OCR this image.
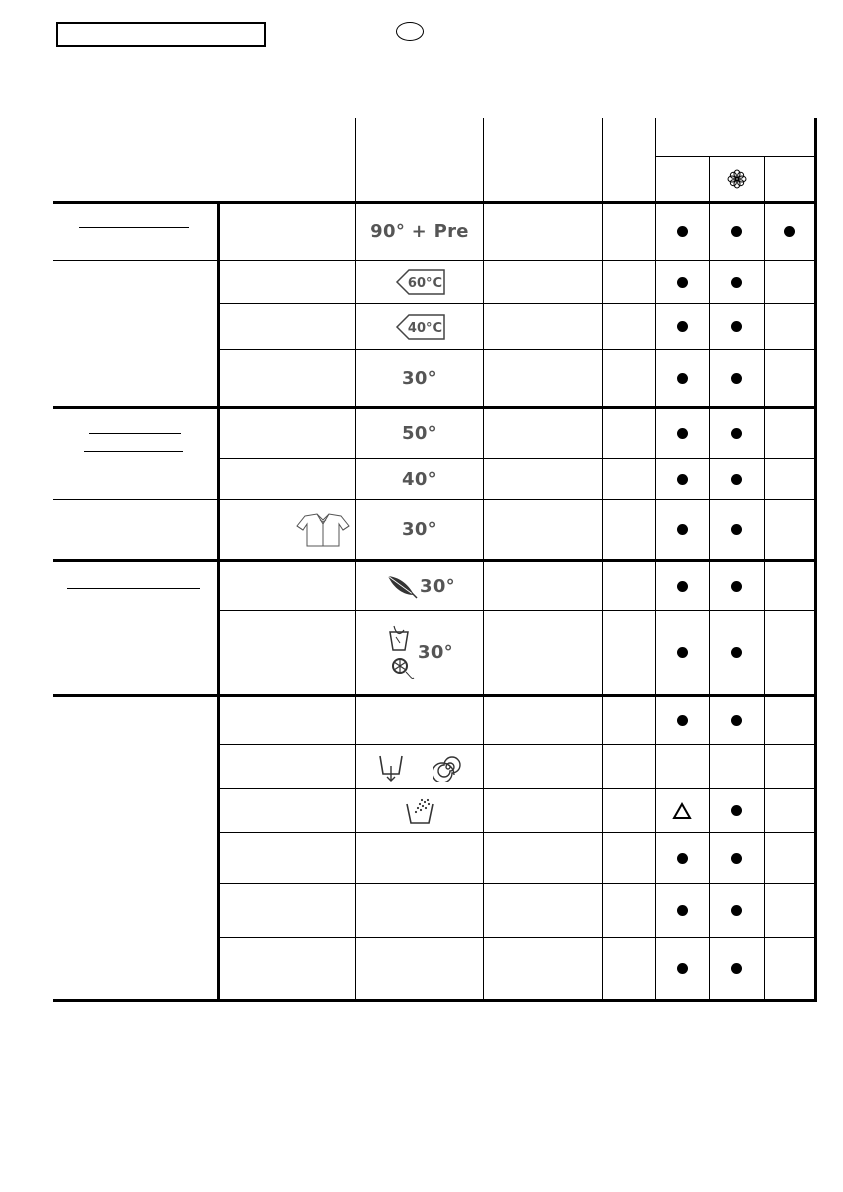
90° + Pre
60°C
40°C
30°
50°
40°
30°
30°
30°
